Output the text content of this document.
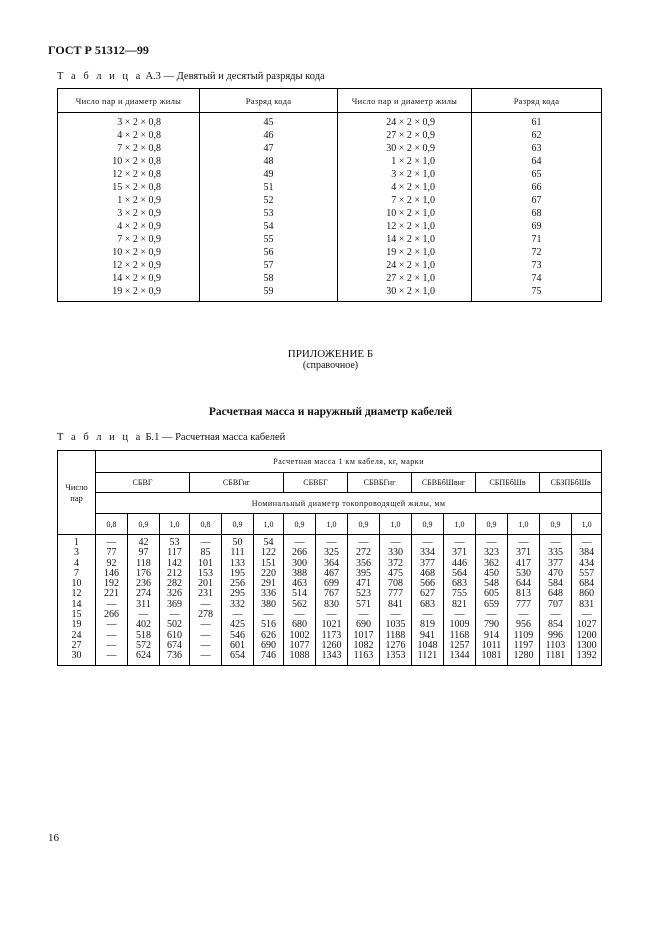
ГОСТ Р 51312—99
Т а б л и ц а А.3 — Девятый и десятый разряды кода
Число пар и диаметр жилы	Разряд кода	Число пар и диаметр жилы	Разряд кода
3 × 2 × 0,8	45	24 × 2 × 0,9	61
4 × 2 × 0,8	46	27 × 2 × 0,9	62
7 × 2 × 0,8	47	30 × 2 × 0,9	63
10 × 2 × 0,8	48	1 × 2 × 1,0	64
12 × 2 × 0,8	49	3 × 2 × 1,0	65
15 × 2 × 0,8	51	4 × 2 × 1,0	66
1 × 2 × 0,9	52	7 × 2 × 1,0	67
3 × 2 × 0,9	53	10 × 2 × 1,0	68
4 × 2 × 0,9	54	12 × 2 × 1,0	69
7 × 2 × 0,9	55	14 × 2 × 1,0	71
10 × 2 × 0,9	56	19 × 2 × 1,0	72
12 × 2 × 0,9	57	24 × 2 × 1,0	73
14 × 2 × 0,9	58	27 × 2 × 1,0	74
19 × 2 × 0,9	59	30 × 2 × 1,0	75
ПРИЛОЖЕНИЕ Б
(справочное)
Расчетная масса и наружный диаметр кабелей
Т а б л и ц а Б.1 — Расчетная масса кабелей
Число пар	Расчетная масса 1 км кабеля, кг, марки															
	СБВГ			СБВГнг			СБВБГ		СБВБГнг		СБВБбШвнг		СБПБбШв		СБЗПБбШв	
	Номинальный диаметр токопроводящей жилы, мм															
	0,8	0,9	1,0	0,8	0,9	1,0	0,9	1,0	0,9	1,0	0,9	1,0	0,9	1,0	0,9	1,0
1	—	42	53	—	50	54	—	—	—	—	—	—	—	—	—	—
3	77	97	117	85	111	122	266	325	272	330	334	371	323	371	335	384
4	92	118	142	101	133	151	300	364	356	372	377	446	362	417	377	434
7	146	176	212	153	195	220	388	467	395	475	468	564	450	530	470	557
10	192	236	282	201	256	291	463	699	471	708	566	683	548	644	584	684
12	221	274	326	231	295	336	514	767	523	777	627	755	605	813	648	860
14	—	311	369	—	332	380	562	830	571	841	683	821	659	777	707	831
15	266	—	—	278	—	—	—	—	—	—	—	—	—	—	—	—
19	—	402	502	—	425	516	680	1021	690	1035	819	1009	790	956	854	1027
24	—	518	610	—	546	626	1002	1173	1017	1188	941	1168	914	1109	996	1200
27	—	572	674	—	601	690	1077	1260	1082	1276	1048	1257	1011	1197	1103	1300
30	—	624	736	—	654	746	1088	1343	1163	1353	1121	1344	1081	1280	1181	1392
16
